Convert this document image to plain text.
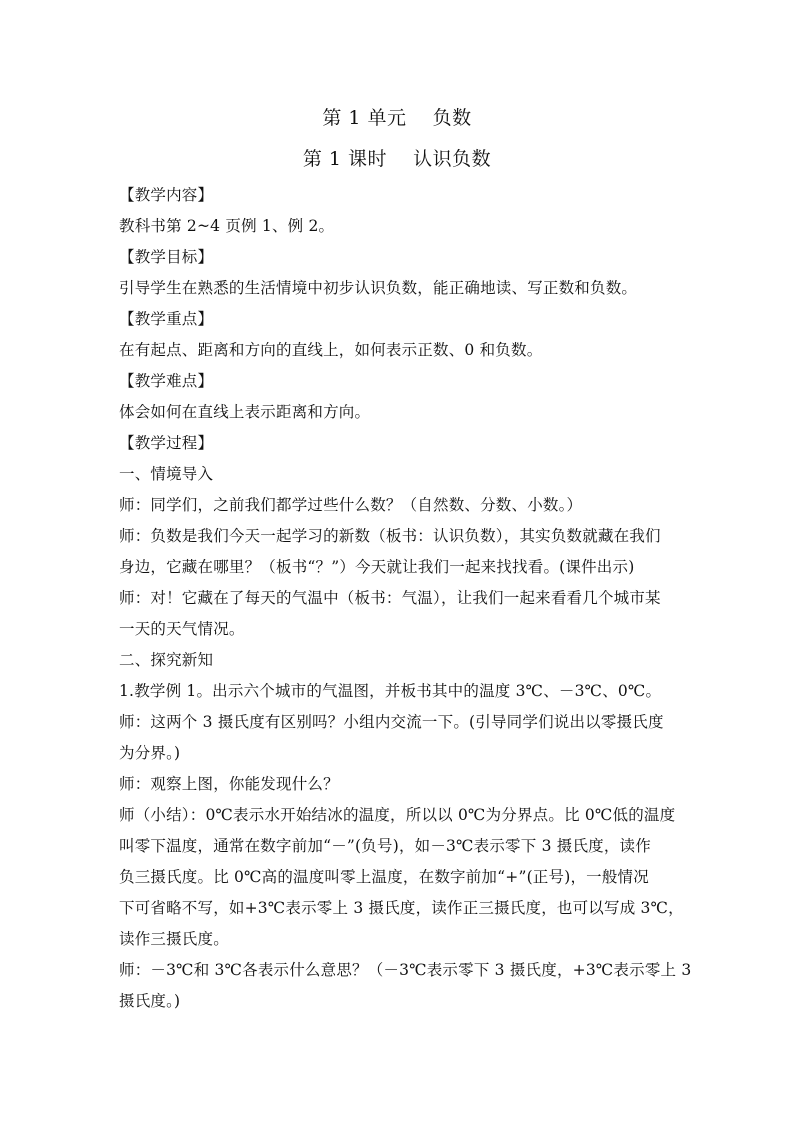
第 1 单元　 负数
第 1 课时　 认识负数
【教学内容】
教科书第 2~4 页例 1、例 2。
【教学目标】
引导学生在熟悉的生活情境中初步认识负数，能正确地读、写正数和负数。
【教学重点】
在有起点、距离和方向的直线上，如何表示正数、0 和负数。
【教学难点】
体会如何在直线上表示距离和方向。
【教学过程】
一、情境导入
师：同学们，之前我们都学过些什么数？（自然数、分数、小数。）
师：负数是我们今天一起学习的新数（板书：认识负数），其实负数就藏在我们
身边，它藏在哪里？（板书“？”）今天就让我们一起来找找看。(课件出示)
师：对！它藏在了每天的气温中（板书：气温），让我们一起来看看几个城市某
一天的天气情况。
二、探究新知
1.教学例 1。出示六个城市的气温图，并板书其中的温度 3℃、－3℃、0℃。
师：这两个 3 摄氏度有区别吗？小组内交流一下。(引导同学们说出以零摄氏度
为分界。)
师：观察上图，你能发现什么？
师（小结）：0℃表示水开始结冰的温度，所以以 0℃为分界点。比 0℃低的温度
叫零下温度，通常在数字前加“－”(负号)，如－3℃表示零下 3 摄氏度，读作
负三摄氏度。比 0℃高的温度叫零上温度，在数字前加“+”(正号)，一般情况
下可省略不写，如+3℃表示零上 3 摄氏度，读作正三摄氏度，也可以写成 3℃，
读作三摄氏度。
师：－3℃和 3℃各表示什么意思？（－3℃表示零下 3 摄氏度，+3℃表示零上 3
摄氏度。)
